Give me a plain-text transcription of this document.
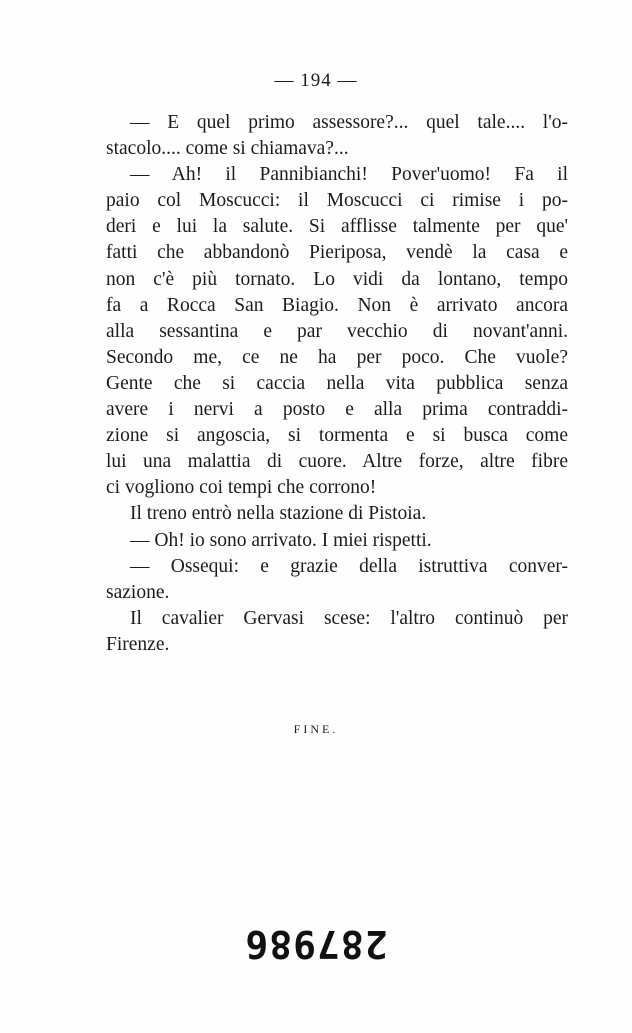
— 194 —
— E quel primo assessore?... quel tale.... l'o-
stacolo.... come si chiamava?...
— Ah! il Pannibianchi! Pover'uomo! Fa il
paio col Moscucci: il Moscucci ci rimise i po-
deri e lui la salute. Si afflisse talmente per que'
fatti che abbandonò Pieriposa, vendè la casa e
non c'è più tornato. Lo vidi da lontano, tempo
fa a Rocca San Biagio. Non è arrivato ancora
alla sessantina e par vecchio di novant'anni.
Secondo me, ce ne ha per poco. Che vuole?
Gente che si caccia nella vita pubblica senza
avere i nervi a posto e alla prima contraddi-
zione si angoscia, si tormenta e si busca come
lui una malattia di cuore. Altre forze, altre fibre
ci vogliono coi tempi che corrono!
Il treno entrò nella stazione di Pistoia.
— Oh! io sono arrivato. I miei rispetti.
— Ossequi: e grazie della istruttiva conver-
sazione.
Il cavalier Gervasi scese: l'altro continuò per
Firenze.
FINE.
287986
